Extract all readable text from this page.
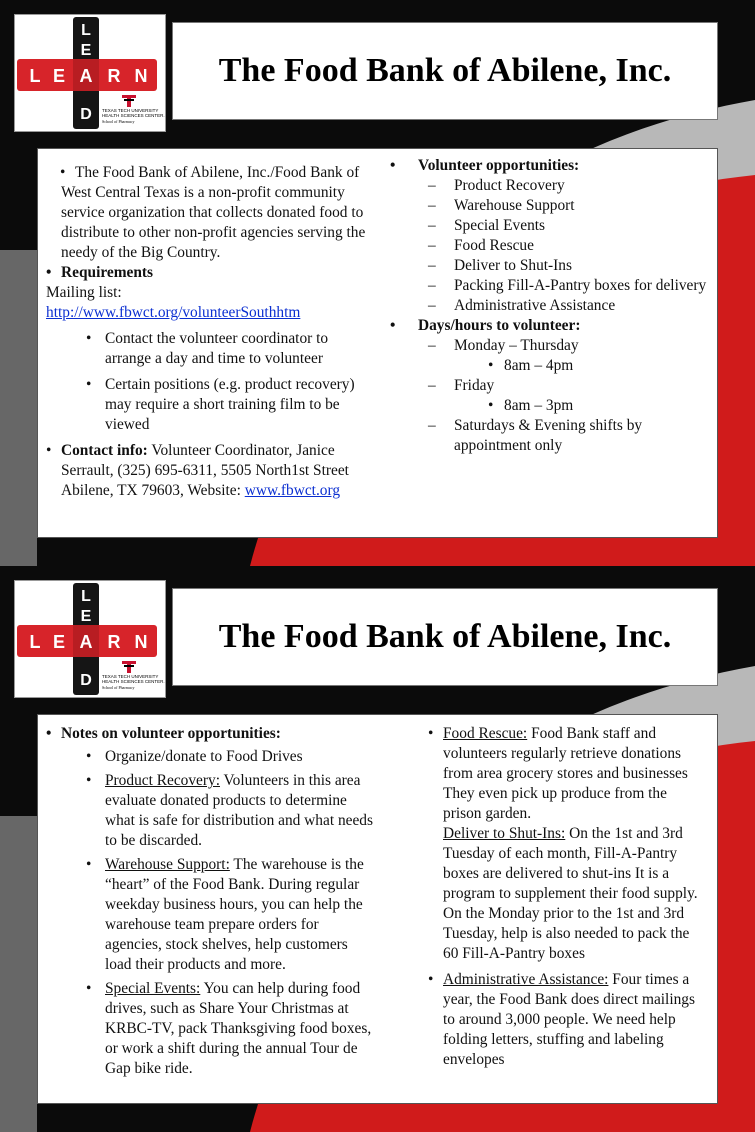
L
E
D
L E A R N
TEXAS TECH UNIVERSITY
HEALTH SCIENCES CENTER.
School of Pharmacy
The Food Bank of Abilene, Inc.
• The Food Bank of Abilene, Inc./Food Bank of West Central Texas is a non-profit community service organization that collects donated food to distribute to other non-profit agencies serving the needy of the Big Country.
• Requirements
Mailing list:
http://www.fbwct.org/volunteerSouthhtm
• Contact the volunteer coordinator to arrange a day and time to volunteer
• Certain positions (e.g. product recovery) may require a short training film to be viewed
• Contact info: Volunteer Coordinator, Janice Serrault, (325) 695-6311, 5505 North1st Street Abilene, TX 79603, Website: www.fbwct.org
• Volunteer opportunities:
– Product Recovery
– Warehouse Support
– Special Events
– Food Rescue
– Deliver to Shut-Ins
– Packing Fill-A-Pantry boxes for delivery
– Administrative Assistance
• Days/hours to volunteer:
– Monday – Thursday
• 8am – 4pm
– Friday
• 8am – 3pm
– Saturdays & Evening shifts by appointment only
L
E
D
L E A R N
TEXAS TECH UNIVERSITY
HEALTH SCIENCES CENTER.
School of Pharmacy
The Food Bank of Abilene, Inc.
• Notes on volunteer opportunities:
• Organize/donate to Food Drives
• Product Recovery: Volunteers in this area evaluate donated products to determine what is safe for distribution and what needs to be discarded.
• Warehouse Support: The warehouse is the “heart” of the Food Bank. During regular weekday business hours, you can help the warehouse team prepare orders for agencies, stock shelves, help customers load their products and more.
• Special Events: You can help during food drives, such as Share Your Christmas at KRBC-TV, pack Thanksgiving food boxes, or work a shift during the annual Tour de Gap bike ride.
• Food Rescue: Food Bank staff and volunteers regularly retrieve donations from area grocery stores and businesses They even pick up produce from the prison garden.
Deliver to Shut-Ins: On the 1st and 3rd Tuesday of each month, Fill-A-Pantry boxes are delivered to shut-ins It is a program to supplement their food supply. On the Monday prior to the 1st and 3rd Tuesday, help is also needed to pack the 60 Fill-A-Pantry boxes
• Administrative Assistance: Four times a year, the Food Bank does direct mailings to around 3,000 people. We need help folding letters, stuffing and labeling envelopes
